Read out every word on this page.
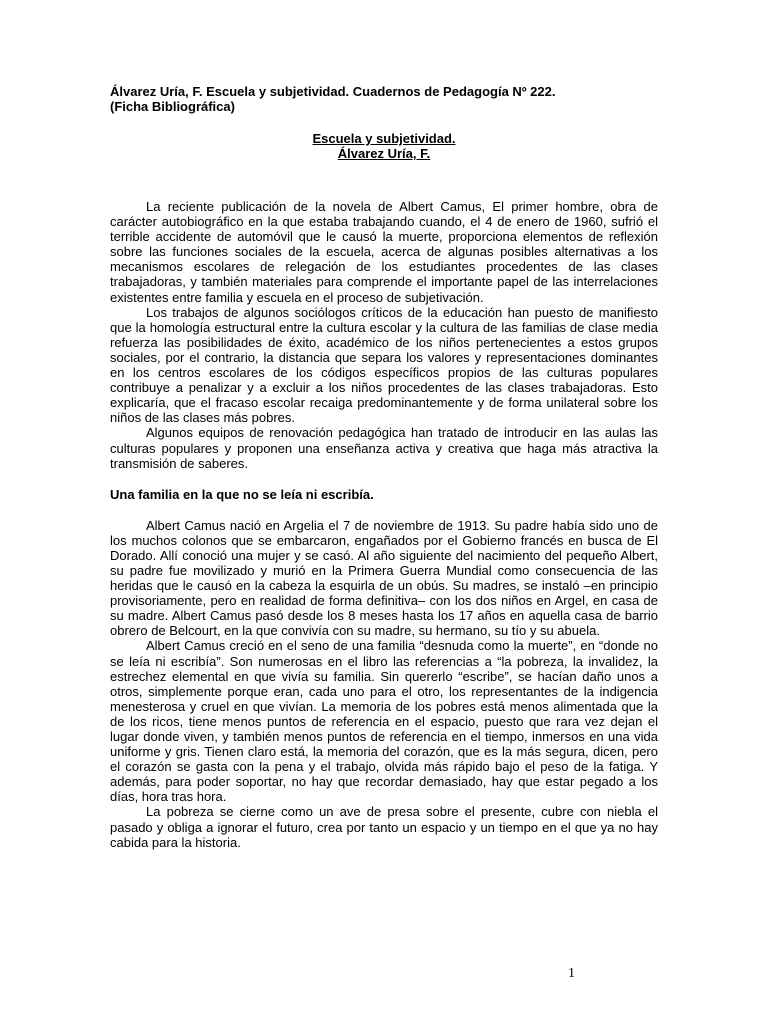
Álvarez Uría, F. Escuela y subjetividad. Cuadernos de Pedagogía Nº 222.
(Ficha Bibliográfica)

Escuela y subjetividad.
Álvarez Uría, F.

La reciente publicación de la novela de Albert Camus, El primer hombre, obra de carácter autobiográfico en la que estaba trabajando cuando, el 4 de enero de 1960, sufrió el terrible accidente de automóvil que le causó la muerte, proporciona elementos de reflexión sobre las funciones sociales de la escuela, acerca de algunas posibles alternativas a los mecanismos escolares de relegación de los estudiantes procedentes de las clases trabajadoras, y también materiales para comprende el importante papel de las interrelaciones existentes entre familia y escuela en el proceso de subjetivación.

Los trabajos de algunos sociólogos críticos de la educación han puesto de manifiesto que la homología estructural entre la cultura escolar y la cultura de las familias de clase media refuerza las posibilidades de éxito, académico de los niños pertenecientes a estos grupos sociales, por el contrario, la distancia que separa los valores y representaciones dominantes en los centros escolares de los códigos específicos propios de las culturas populares contribuye a penalizar y a excluir a los niños procedentes de las clases trabajadoras. Esto explicaría, que el fracaso escolar recaiga predominantemente y de forma unilateral sobre los niños de las clases más pobres.

Algunos equipos de renovación pedagógica han tratado de introducir en las aulas las culturas populares y proponen una enseñanza activa y creativa que haga más atractiva la transmisión de saberes.

Una familia en la que no se leía ni escribía.

Albert Camus nació en Argelia el 7 de noviembre de 1913. Su padre había sido uno de los muchos colonos que se embarcaron, engañados por el Gobierno francés en busca de El Dorado. Allí conoció una mujer y se casó. Al año siguiente del nacimiento del pequeño Albert, su padre fue movilizado y murió en la Primera Guerra Mundial como consecuencia de las heridas que le causó en la cabeza la esquirla de un obús. Su madres, se instaló –en principio provisoriamente, pero en realidad de forma definitiva– con los dos niños en Argel, en casa de su madre. Albert Camus pasó desde los 8 meses hasta los 17 años en aquella casa de barrio obrero de Belcourt, en la que convivía con su madre, su hermano, su tío y su abuela.

Albert Camus creció en el seno de una familia “desnuda como la muerte”, en “donde no se leía ni escribía”. Son numerosas en el libro las referencias a “la pobreza, la invalidez, la estrechez elemental en que vivía su familia. Sin quererlo “escribe”, se hacían daño unos a otros, simplemente porque eran, cada uno para el otro, los representantes de la indigencia menesterosa y cruel en que vivían. La memoria de los pobres está menos alimentada que la de los ricos, tiene menos puntos de referencia en el espacio, puesto que rara vez dejan el lugar donde viven, y también menos puntos de referencia en el tiempo, inmersos en una vida uniforme y gris. Tienen claro está, la memoria del corazón, que es la más segura, dicen, pero el corazón se gasta con la pena y el trabajo, olvida más rápido bajo el peso de la fatiga. Y además, para poder soportar, no hay que recordar demasiado, hay que estar pegado a los días, hora tras hora.

La pobreza se cierne como un ave de presa sobre el presente, cubre con niebla el pasado y obliga a ignorar el futuro, crea por tanto un espacio y un tiempo en el que ya no hay cabida para la historia.

1
